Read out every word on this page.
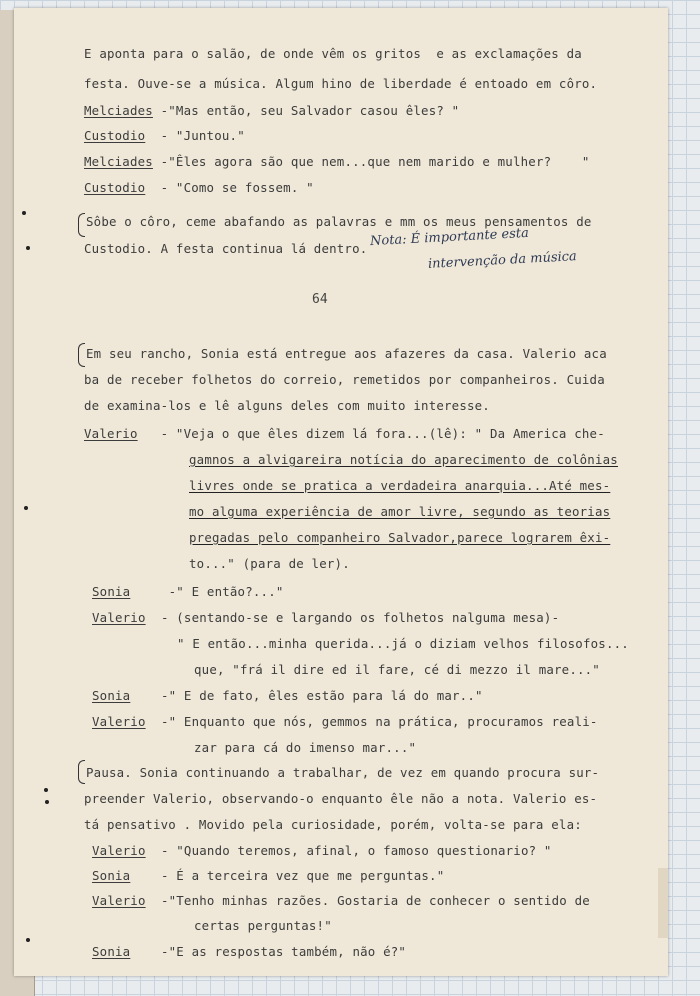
E aponta para o salão, de onde vêm os gritos  e as exclamações da
festa. Ouve-se a música. Algum hino de liberdade é entoado em côro.
Melciades -"Mas então, seu Salvador casou êles? "
Custodio  - "Juntou."
Melciades -"Êles agora são que nem...que nem marido e mulher?    "
Custodio  - "Como se fossem. "
Sôbe o côro, ceme abafando as palavras e mm os meus pensamentos de
Custodio. A festa continua lá dentro. Nota: É importante esta
intervenção da música
64
Em seu rancho, Sonia está entregue aos afazeres da casa. Valerio aca
ba de receber folhetos do correio, remetidos por companheiros. Cuida
de examina-los e lê alguns deles com muito interesse.
Valerio   - "Veja o que êles dizem lá fora...(lê): " Da America che-
gamnos a alvigareira notícia do aparecimento de colônias
livres onde se pratica a verdadeira anarquia...Até mes-
mo alguma experiência de amor livre, segundo as teorias
pregadas pelo companheiro Salvador,parece lograrem êxi-
to..." (para de ler).
Sonia     -" E então?..."
Valerio  - (sentando-se e largando os folhetos nalguma mesa)-
" E então...minha querida...já o diziam velhos filosofos...
que, "frá il dire ed il fare, cé di mezzo il mare..."
Sonia    -" E de fato, êles estão para lá do mar.."
Valerio  -" Enquanto que nós, gemmos na prática, procuramos reali-
zar para cá do imenso mar..."
Pausa. Sonia continuando a trabalhar, de vez em quando procura sur-
preender Valerio, observando-o enquanto êle não a nota. Valerio es-
tá pensativo . Movido pela curiosidade, porém, volta-se para ela:
Valerio  - "Quando teremos, afinal, o famoso questionario? "
Sonia    - É a terceira vez que me perguntas."
Valerio  -"Tenho minhas razões. Gostaria de conhecer o sentido de
certas perguntas!"
Sonia    -"E as respostas também, não é?"
